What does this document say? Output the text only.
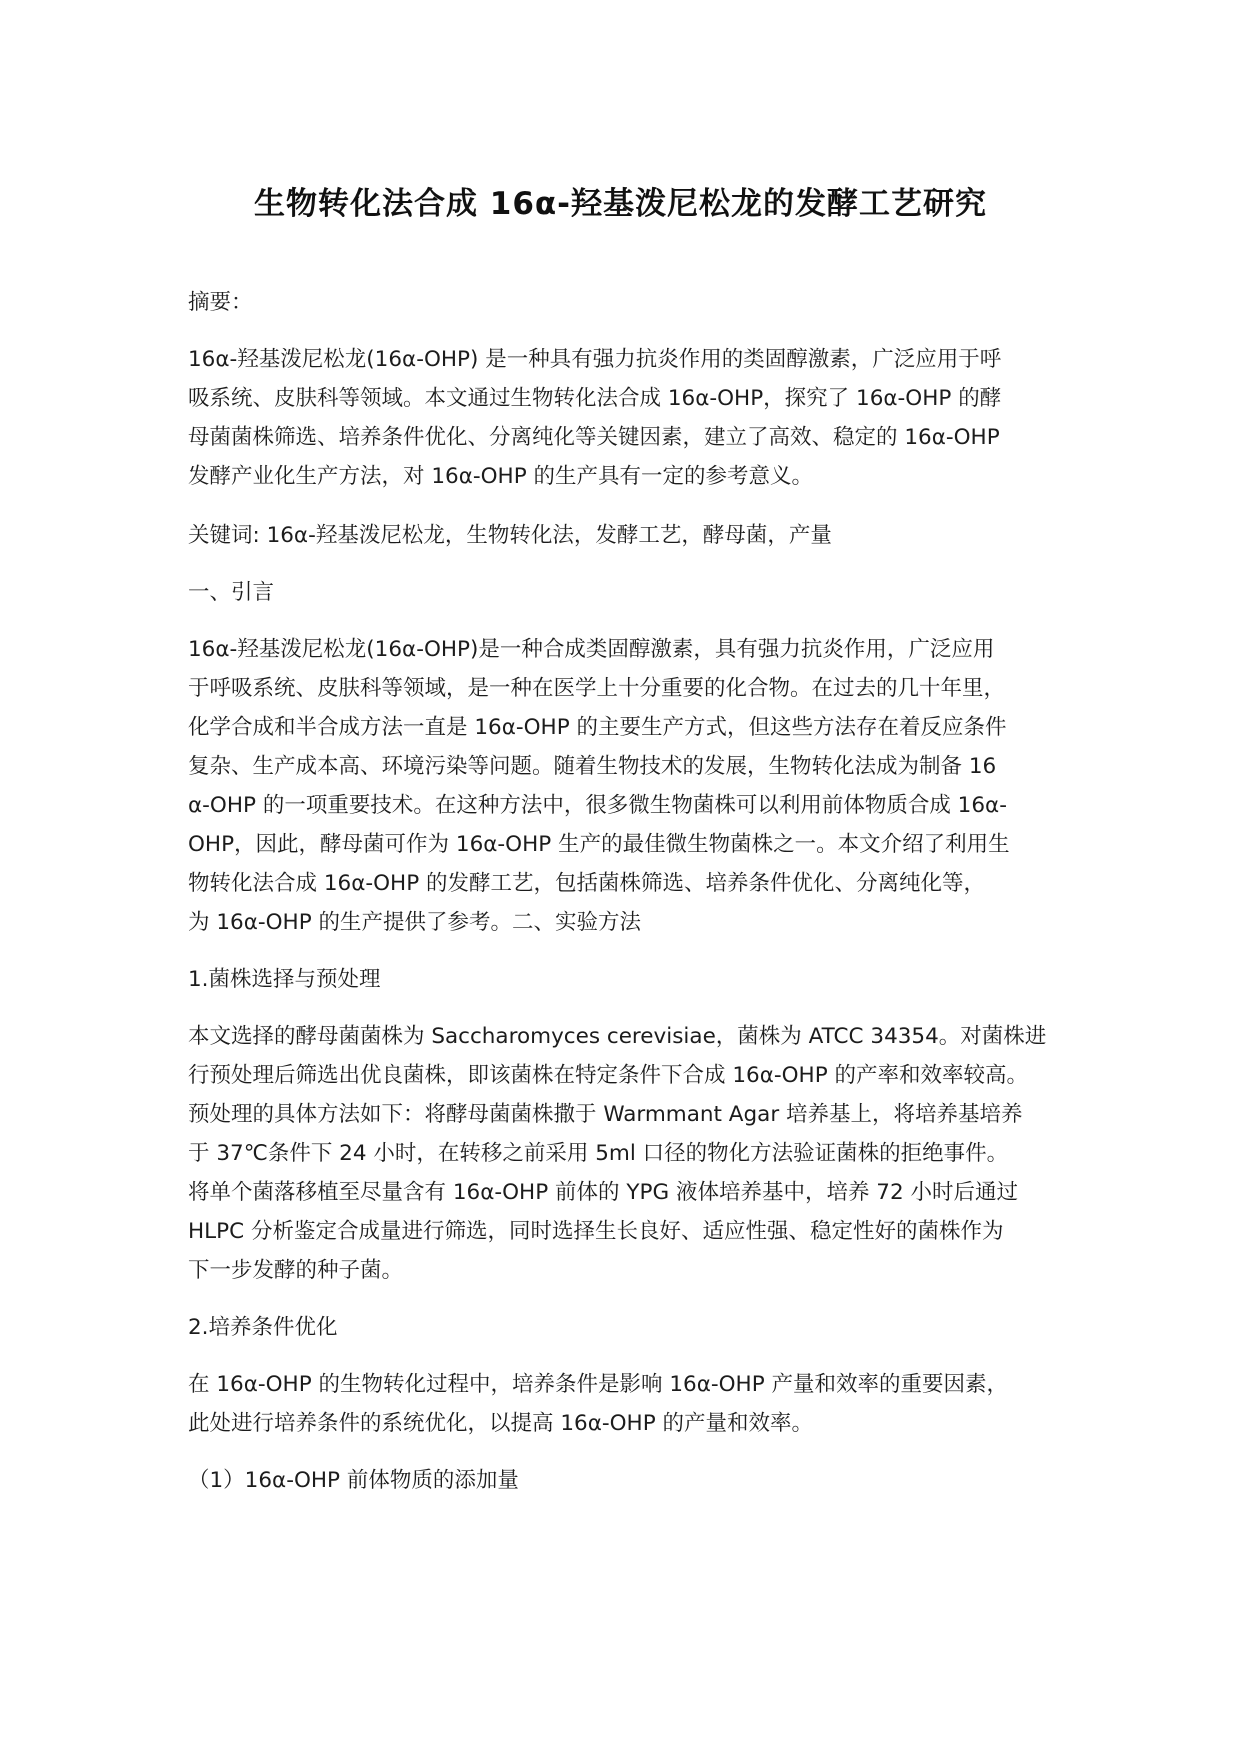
生物转化法合成 16α-羟基泼尼松龙的发酵工艺研究
摘要：
16α-羟基泼尼松龙(16α-OHP) 是一种具有强力抗炎作用的类固醇激素，广泛应用于呼
吸系统、皮肤科等领域。本文通过生物转化法合成 16α-OHP，探究了 16α-OHP 的酵
母菌菌株筛选、培养条件优化、分离纯化等关键因素，建立了高效、稳定的 16α-OHP
发酵产业化生产方法，对 16α-OHP 的生产具有一定的参考意义。
关键词: 16α-羟基泼尼松龙，生物转化法，发酵工艺，酵母菌，产量
一、引言
16α-羟基泼尼松龙(16α-OHP)是一种合成类固醇激素，具有强力抗炎作用，广泛应用
于呼吸系统、皮肤科等领域，是一种在医学上十分重要的化合物。在过去的几十年里，
化学合成和半合成方法一直是 16α-OHP 的主要生产方式，但这些方法存在着反应条件
复杂、生产成本高、环境污染等问题。随着生物技术的发展，生物转化法成为制备 16
α-OHP 的一项重要技术。在这种方法中，很多微生物菌株可以利用前体物质合成 16α-
OHP，因此，酵母菌可作为 16α-OHP 生产的最佳微生物菌株之一。本文介绍了利用生
物转化法合成 16α-OHP 的发酵工艺，包括菌株筛选、培养条件优化、分离纯化等，
为 16α-OHP 的生产提供了参考。二、实验方法
1.菌株选择与预处理
本文选择的酵母菌菌株为 Saccharomyces cerevisiae，菌株为 ATCC 34354。对菌株进
行预处理后筛选出优良菌株，即该菌株在特定条件下合成 16α-OHP 的产率和效率较高。
预处理的具体方法如下：将酵母菌菌株撒于 Warmmant Agar 培养基上，将培养基培养
于 37℃条件下 24 小时，在转移之前采用 5ml 口径的物化方法验证菌株的拒绝事件。
将单个菌落移植至尽量含有 16α-OHP 前体的 YPG 液体培养基中，培养 72 小时后通过
HLPC 分析鉴定合成量进行筛选，同时选择生长良好、适应性强、稳定性好的菌株作为
下一步发酵的种子菌。
2.培养条件优化
在 16α-OHP 的生物转化过程中，培养条件是影响 16α-OHP 产量和效率的重要因素，
此处进行培养条件的系统优化，以提高 16α-OHP 的产量和效率。
（1）16α-OHP 前体物质的添加量
